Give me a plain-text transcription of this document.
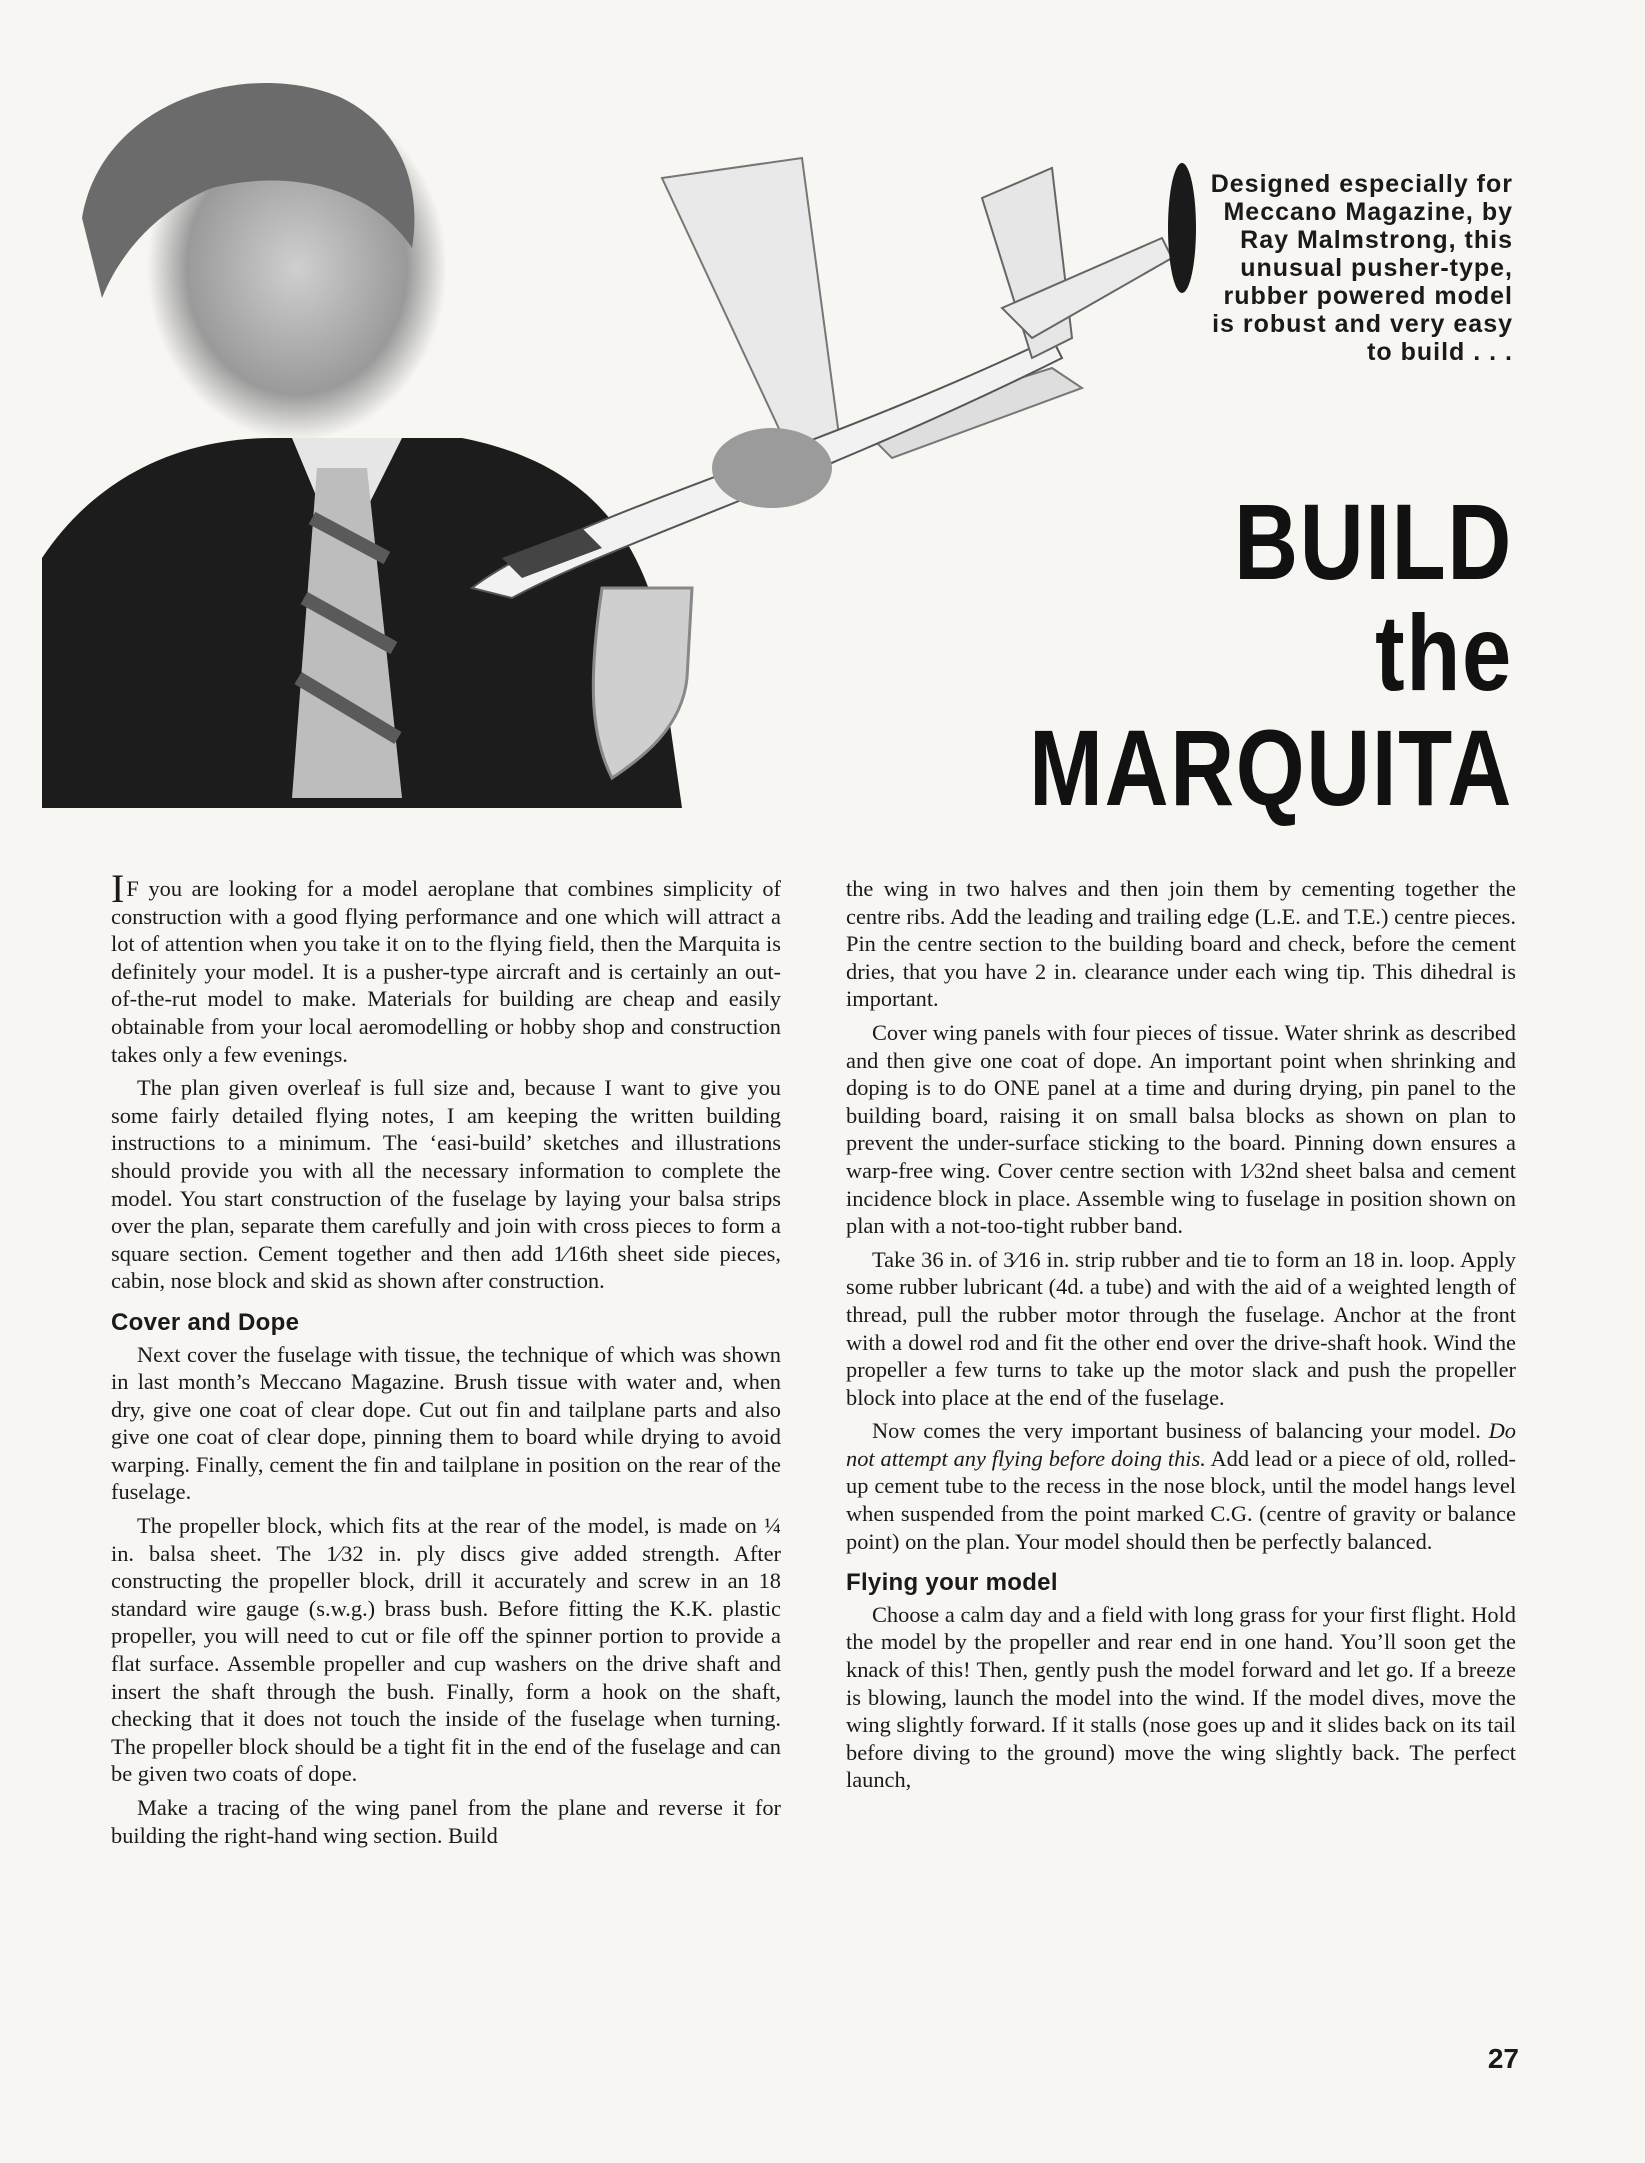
Designed especially for Meccano Magazine, by Ray Malmstrong, this unusual pusher-type, rubber powered model is robust and very easy to build . . .
BUILD
the
MARQUITA

IF you are looking for a model aeroplane that combines simplicity of construction with a good flying performance and one which will attract a lot of attention when you take it on to the flying field, then the Marquita is definitely your model. It is a pusher-type aircraft and is certainly an out-of-the-rut model to make. Materials for building are cheap and easily obtainable from your local aeromodelling or hobby shop and construction takes only a few evenings.

The plan given overleaf is full size and, because I want to give you some fairly detailed flying notes, I am keeping the written building instructions to a minimum. The ‘easi-build’ sketches and illustrations should provide you with all the necessary information to complete the model. You start construction of the fuselage by laying your balsa strips over the plan, separate them carefully and join with cross pieces to form a square section. Cement together and then add 1⁄16th sheet side pieces, cabin, nose block and skid as shown after construction.

Cover and Dope

Next cover the fuselage with tissue, the technique of which was shown in last month’s Meccano Magazine. Brush tissue with water and, when dry, give one coat of clear dope. Cut out fin and tailplane parts and also give one coat of clear dope, pinning them to board while drying to avoid warping. Finally, cement the fin and tailplane in position on the rear of the fuselage.

The propeller block, which fits at the rear of the model, is made on ¼ in. balsa sheet. The 1⁄32 in. ply discs give added strength. After constructing the propeller block, drill it accurately and screw in an 18 standard wire gauge (s.w.g.) brass bush. Before fitting the K.K. plastic propeller, you will need to cut or file off the spinner portion to provide a flat surface. Assemble propeller and cup washers on the drive shaft and insert the shaft through the bush. Finally, form a hook on the shaft, checking that it does not touch the inside of the fuselage when turning. The propeller block should be a tight fit in the end of the fuselage and can be given two coats of dope.

Make a tracing of the wing panel from the plane and reverse it for building the right-hand wing section. Build

the wing in two halves and then join them by cementing together the centre ribs. Add the leading and trailing edge (L.E. and T.E.) centre pieces. Pin the centre section to the building board and check, before the cement dries, that you have 2 in. clearance under each wing tip. This dihedral is important.

Cover wing panels with four pieces of tissue. Water shrink as described and then give one coat of dope. An important point when shrinking and doping is to do ONE panel at a time and during drying, pin panel to the building board, raising it on small balsa blocks as shown on plan to prevent the under-surface sticking to the board. Pinning down ensures a warp-free wing. Cover centre section with 1⁄32nd sheet balsa and cement incidence block in place. Assemble wing to fuselage in position shown on plan with a not-too-tight rubber band.

Take 36 in. of 3⁄16 in. strip rubber and tie to form an 18 in. loop. Apply some rubber lubricant (4d. a tube) and with the aid of a weighted length of thread, pull the rubber motor through the fuselage. Anchor at the front with a dowel rod and fit the other end over the drive-shaft hook. Wind the propeller a few turns to take up the motor slack and push the propeller block into place at the end of the fuselage.

Now comes the very important business of balancing your model. Do not attempt any flying before doing this. Add lead or a piece of old, rolled-up cement tube to the recess in the nose block, until the model hangs level when suspended from the point marked C.G. (centre of gravity or balance point) on the plan. Your model should then be perfectly balanced.

Flying your model

Choose a calm day and a field with long grass for your first flight. Hold the model by the propeller and rear end in one hand. You’ll soon get the knack of this! Then, gently push the model forward and let go. If a breeze is blowing, launch the model into the wind. If the model dives, move the wing slightly forward. If it stalls (nose goes up and it slides back on its tail before diving to the ground) move the wing slightly back. The perfect launch,

27
